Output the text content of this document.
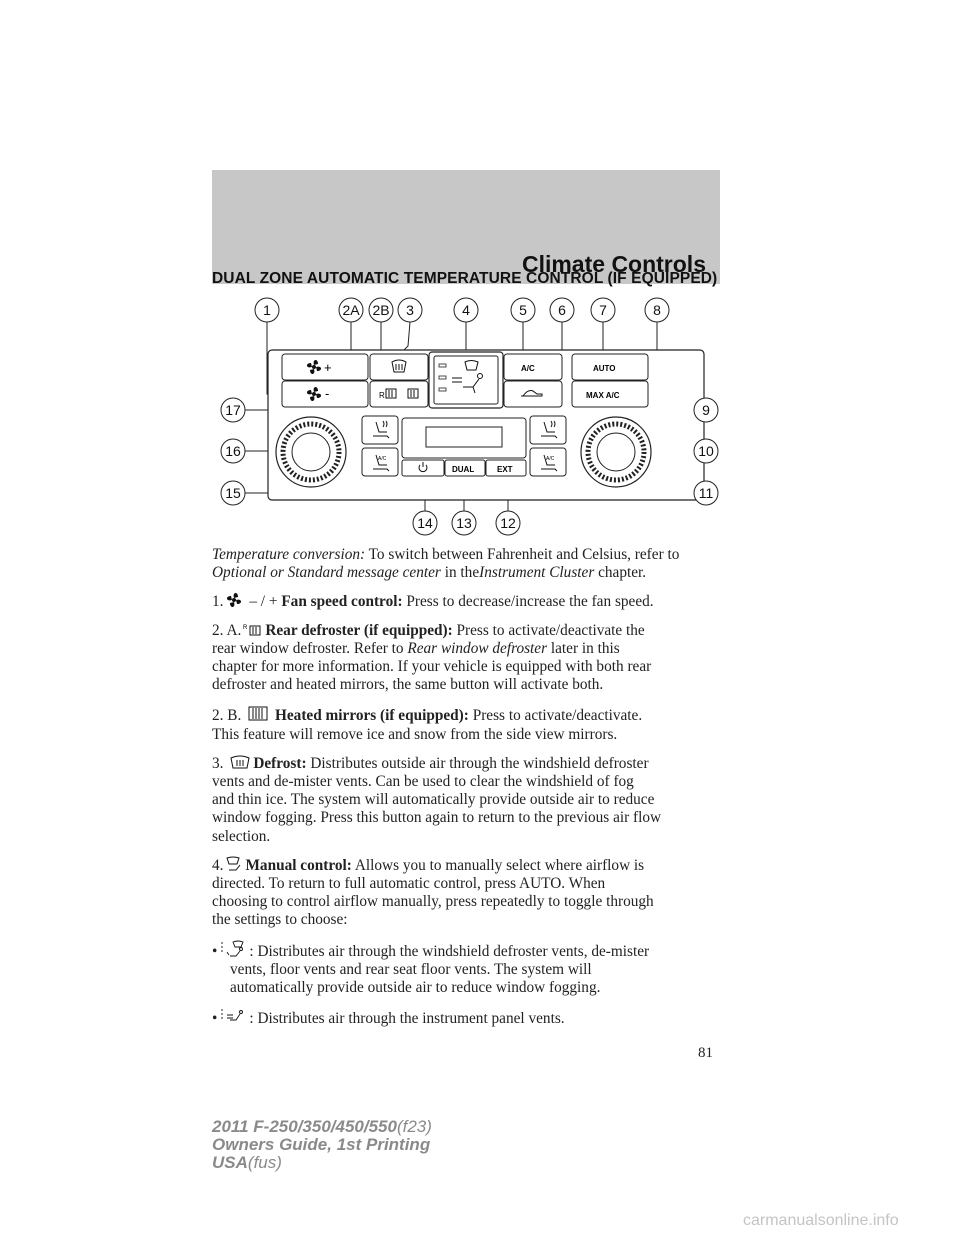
Climate Controls
DUAL ZONE AUTOMATIC TEMPERATURE CONTROL (IF EQUIPPED)
+
-	R
A/C	AUTO
MAX A/C
DUAL	EXT
A/C	A/C
1	2A 2B 3	4	5 6 7	8
9
10
11
12
13
14
15
16
17

Temperature conversion: To switch between Fahrenheit and Celsius, refer to
Optional or Standard message center in theInstrument Cluster chapter.

1. – / + Fan speed control: Press to decrease/increase the fan speed.

2. A. R Rear defroster (if equipped): Press to activate/deactivate the
rear window defroster. Refer to Rear window defroster later in this
chapter for more information. If your vehicle is equipped with both rear
defroster and heated mirrors, the same button will activate both.

2. B. Heated mirrors (if equipped): Press to activate/deactivate.
This feature will remove ice and snow from the side view mirrors.

3. Defrost: Distributes outside air through the windshield defroster
vents and de-mister vents. Can be used to clear the windshield of fog
and thin ice. The system will automatically provide outside air to reduce
window fogging. Press this button again to return to the previous air flow
selection.

4. Manual control: Allows you to manually select where airflow is
directed. To return to full automatic control, press AUTO. When
choosing to control airflow manually, press repeatedly to toggle through
the settings to choose:

• : Distributes air through the windshield defroster vents, de-mister
vents, floor vents and rear seat floor vents. The system will
automatically provide outside air to reduce window fogging.

• : Distributes air through the instrument panel vents.

81
2011 F-250/350/450/550(f23)
Owners Guide, 1st Printing
USA(fus)
carmanualsonline.info
